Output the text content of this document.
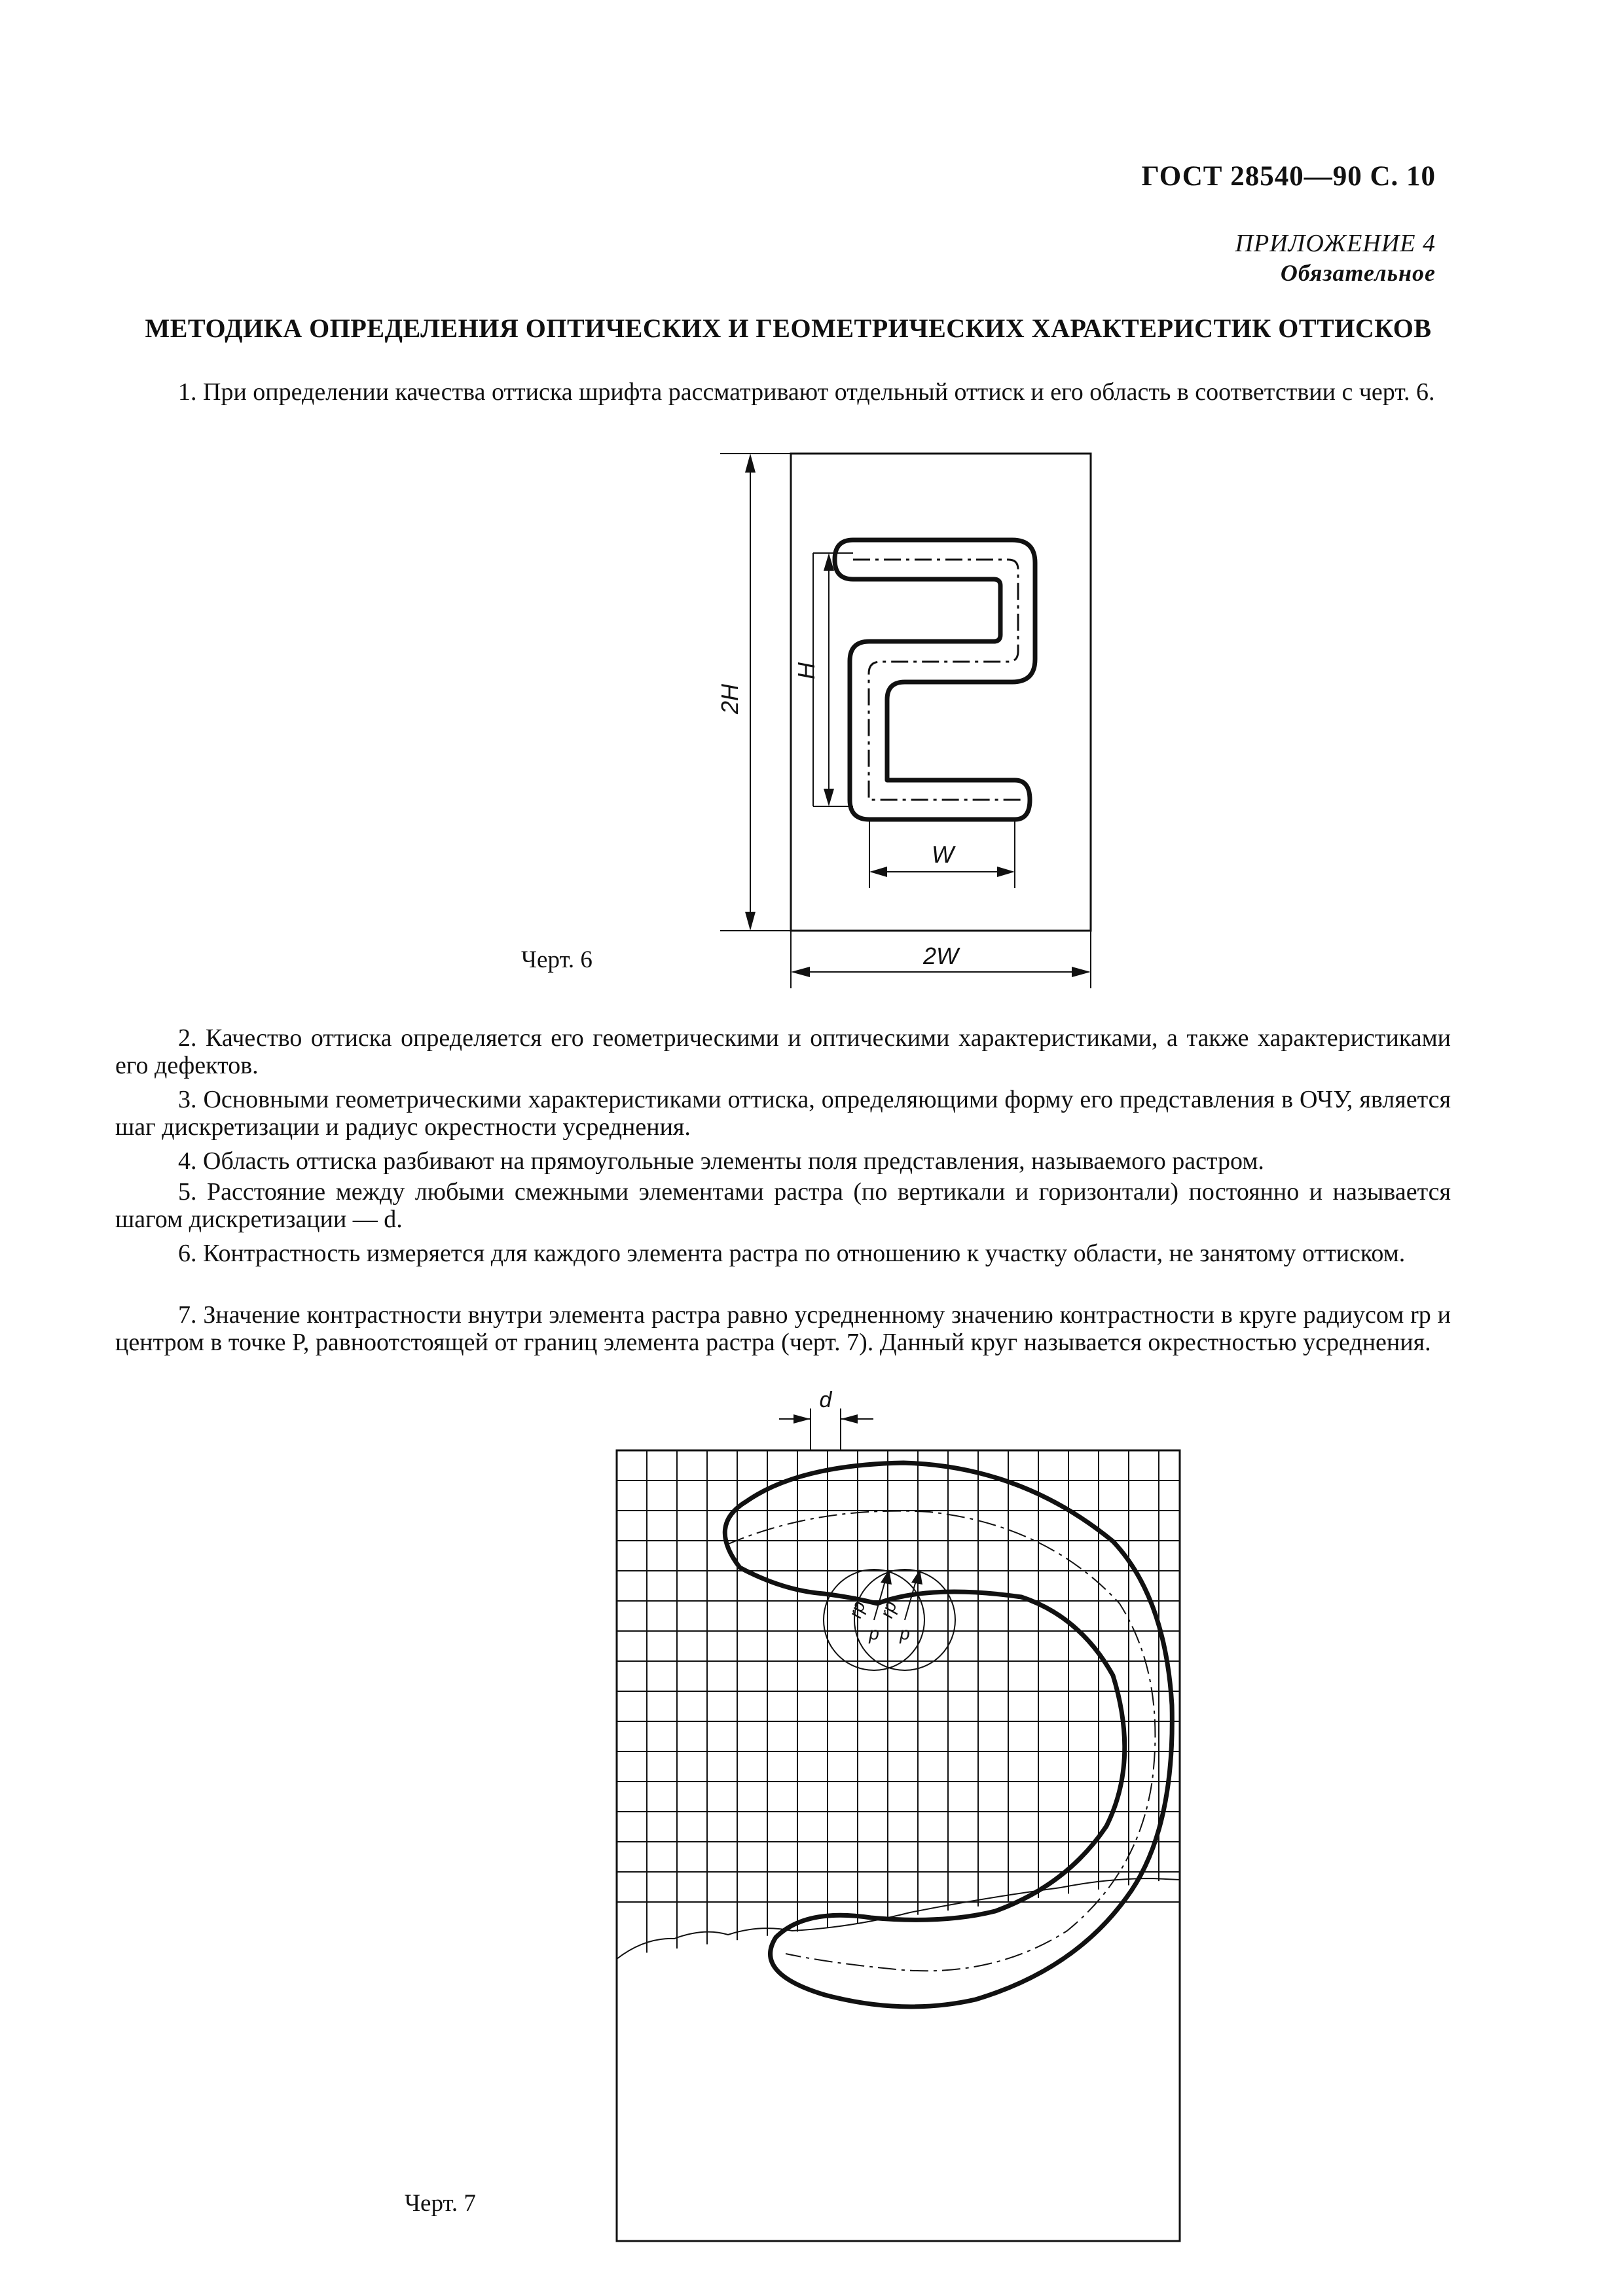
ГОСТ 28540—90 С. 10
ПРИЛОЖЕНИЕ 4
Обязательное
МЕТОДИКА ОПРЕДЕЛЕНИЯ ОПТИЧЕСКИХ И ГЕОМЕТРИЧЕСКИХ ХАРАКТЕРИСТИК ОТТИСКОВ
1. При определении качества оттиска шрифта рассматривают отдельный оттиск и его область в соответствии с черт. 6.
2H
H
W
2W
Черт. 6
2. Качество оттиска определяется его геометрическими и оптическими характеристиками, а также характеристиками его дефектов.
3. Основными геометрическими характеристиками оттиска, определяющими форму его представления в ОЧУ, является шаг дискретизации и радиус окрестности усреднения.
4. Область оттиска разбивают на прямоугольные элементы поля представления, называемого растром.
5. Расстояние между любыми смежными элементами растра (по вертикали и горизонтали) постоянно и называется шагом дискретизации — d.
6. Контрастность измеряется для каждого элемента растра по отношению к участку области, не занятому оттиском.
7. Значение контрастности внутри элемента растра равно усредненному значению контрастности в круге радиусом rp и центром в точке P, равноотстоящей от границ элемента растра (черт. 7). Данный круг называется окрестностью усреднения.
d
rp rp
p p
Черт. 7
